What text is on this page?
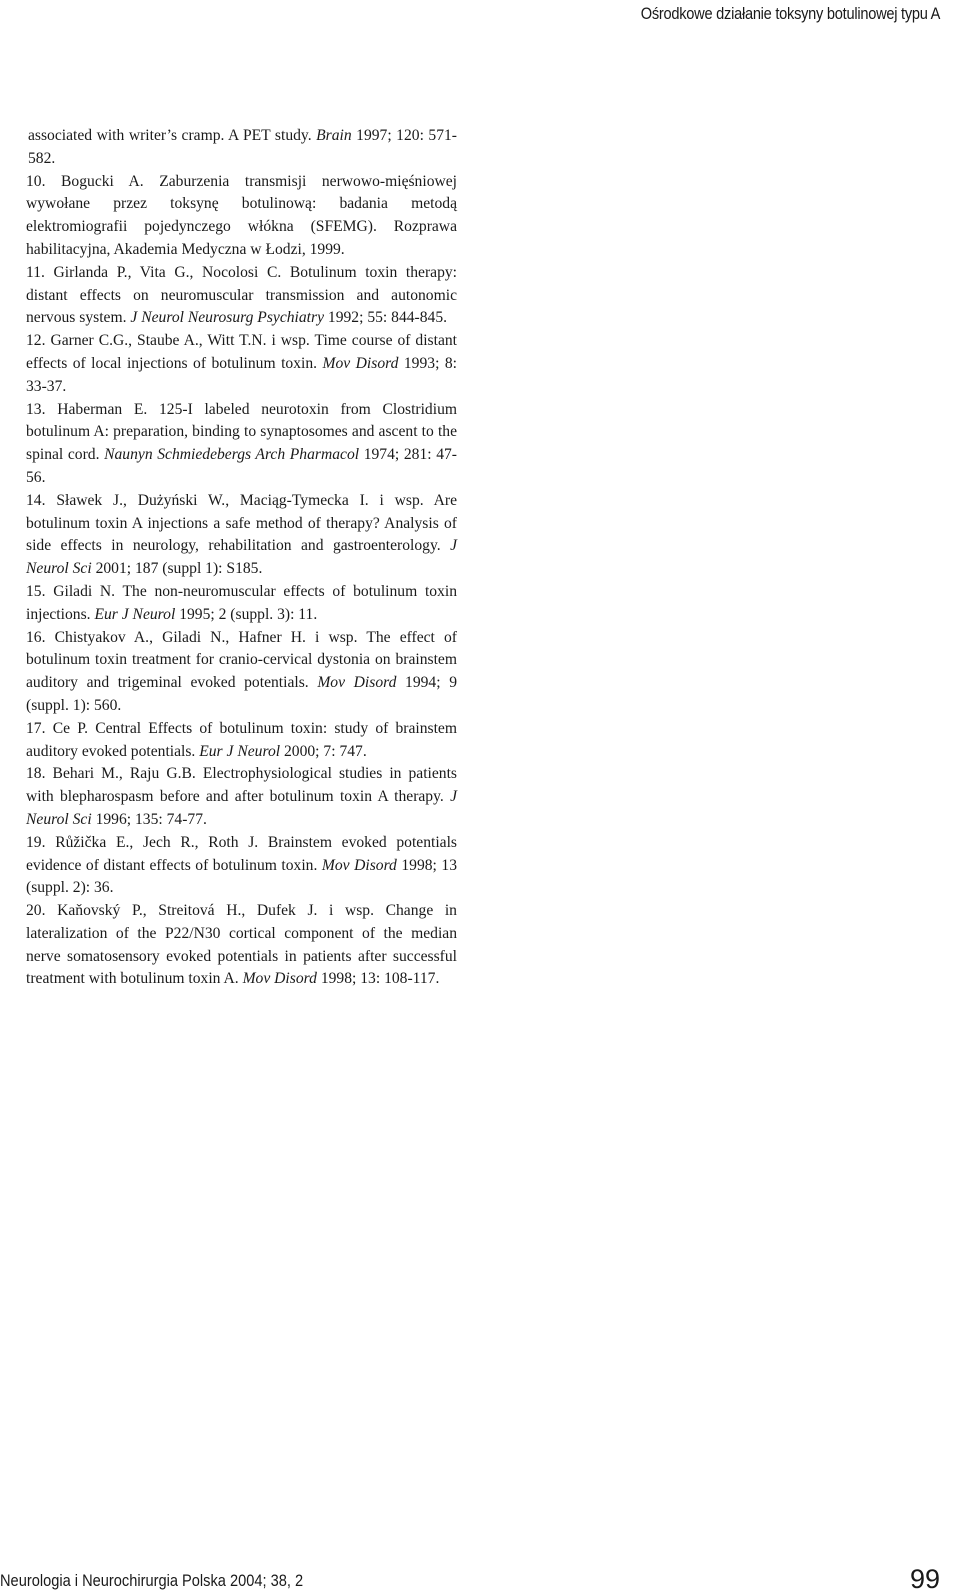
Ośrodkowe działanie toksyny botulinowej typu A
associated with writer’s cramp. A PET study. Brain 1997; 120: 571-582.
10. Bogucki A. Zaburzenia transmisji nerwowo-mięśniowej wywołane przez toksynę botulinową: badania metodą elektromiografii pojedynczego włókna (SFEMG). Rozprawa habilitacyjna, Akademia Medyczna w Łodzi, 1999.
11. Girlanda P., Vita G., Nocolosi C. Botulinum toxin therapy: distant effects on neuromuscular transmission and autonomic nervous system. J Neurol Neurosurg Psychiatry 1992; 55: 844-845.
12. Garner C.G., Staube A., Witt T.N. i wsp. Time course of distant effects of local injections of botulinum toxin. Mov Disord 1993; 8: 33-37.
13. Haberman E. 125-I labeled neurotoxin from Clostridium botulinum A: preparation, binding to synaptosomes and ascent to the spinal cord. Naunyn Schmiedebergs Arch Pharmacol 1974; 281: 47-56.
14. Sławek J., Dużyński W., Maciąg-Tymecka I. i wsp. Are botulinum toxin A injections a safe method of therapy? Analysis of side effects in neurology, rehabilitation and gastroenterology. J Neurol Sci 2001; 187 (suppl 1): S185.
15. Giladi N. The non-neuromuscular effects of botulinum toxin injections. Eur J Neurol 1995; 2 (suppl. 3): 11.
16. Chistyakov A., Giladi N., Hafner H. i wsp. The effect of botulinum toxin treatment for cranio-cervical dystonia on brainstem auditory and trigeminal evoked potentials. Mov Disord 1994; 9 (suppl. 1): 560.
17. Ce P. Central Effects of botulinum toxin: study of brainstem auditory evoked potentials. Eur J Neurol 2000; 7: 747.
18. Behari M., Raju G.B. Electrophysiological studies in patients with blepharospasm before and after botulinum toxin A therapy. J Neurol Sci 1996; 135: 74-77.
19. Růžička E., Jech R., Roth J. Brainstem evoked potentials evidence of distant effects of botulinum toxin. Mov Disord 1998; 13 (suppl. 2): 36.
20. Kaňovský P., Streitová H., Dufek J. i wsp. Change in lateralization of the P22/N30 cortical component of the median nerve somatosensory evoked potentials in patients after successful treatment with botulinum toxin A. Mov Disord 1998; 13: 108-117.
Neurologia i Neurochirurgia Polska 2004; 38, 2	99
